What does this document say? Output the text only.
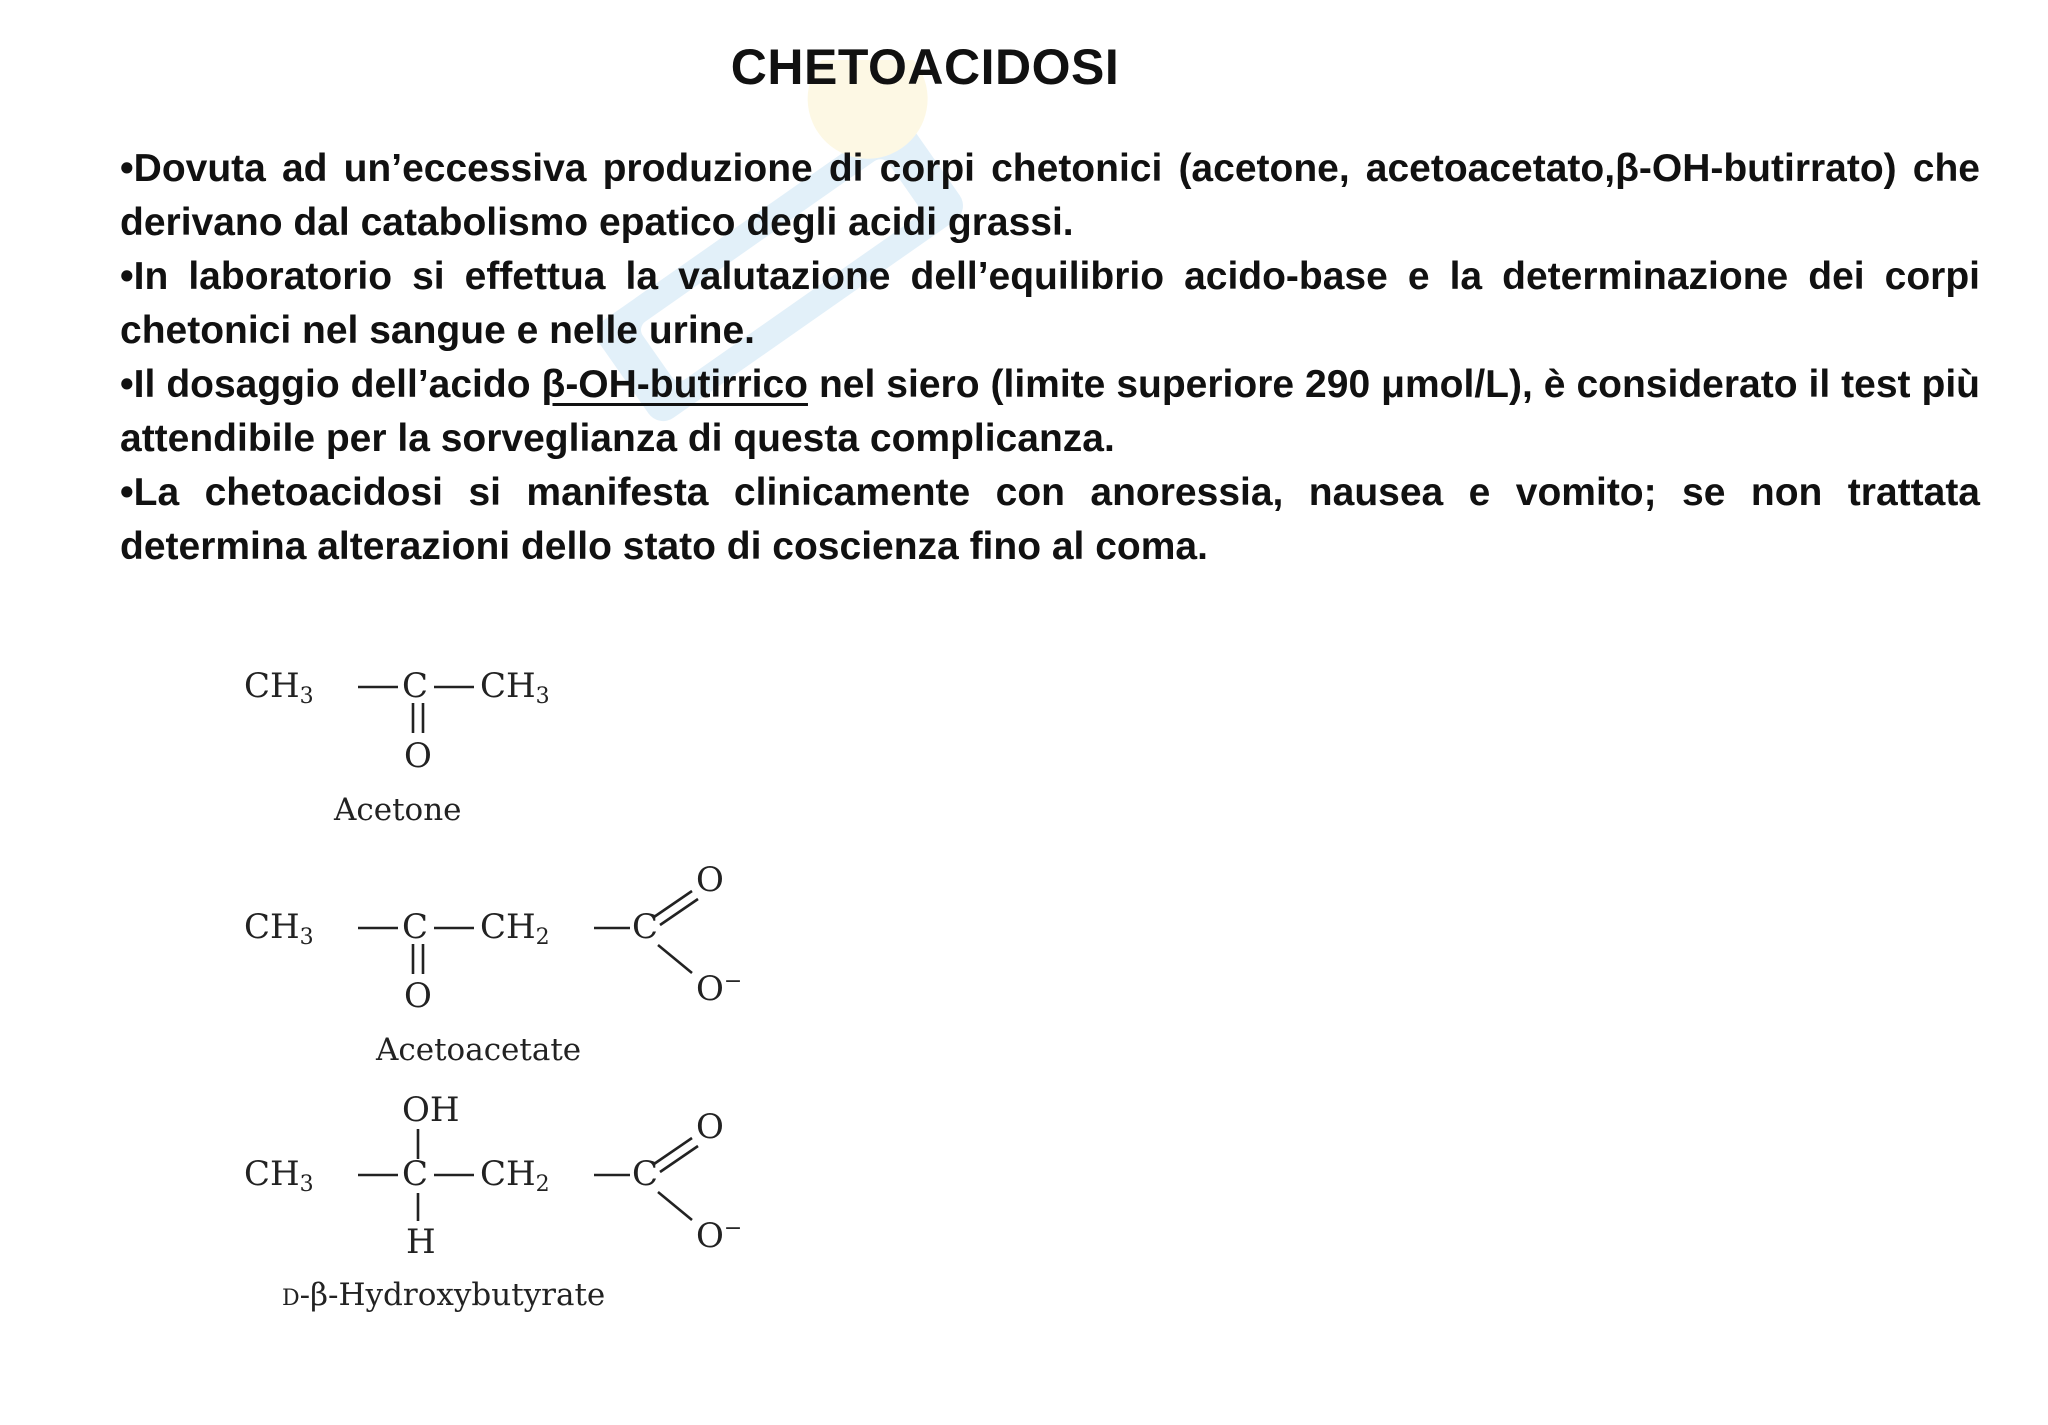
CHETOACIDOSI

•Dovuta ad un’eccessiva produzione di corpi chetonici (acetone, acetoacetato,β-OH-butirrato) che derivano dal catabolismo epatico degli acidi grassi.

•In laboratorio si effettua la valutazione dell’equilibrio acido-base e la determinazione dei corpi chetonici nel sangue e nelle urine.

•Il dosaggio dell’acido β-OH-butirrico nel siero (limite superiore 290 μmol/L), è considerato il test più attendibile per la sorveglianza di questa complicanza.

•La chetoacidosi si manifesta clinicamente con anoressia, nausea e vomito; se non trattata determina alterazioni dello stato di coscienza fino al coma.

CH3	C CH3
O
Acetone
CH3	C CH2 C
O
O
O−
Acetoacetate
OH
CH3	C CH2 C
H
O
O−
D-β-Hydroxybutyrate
